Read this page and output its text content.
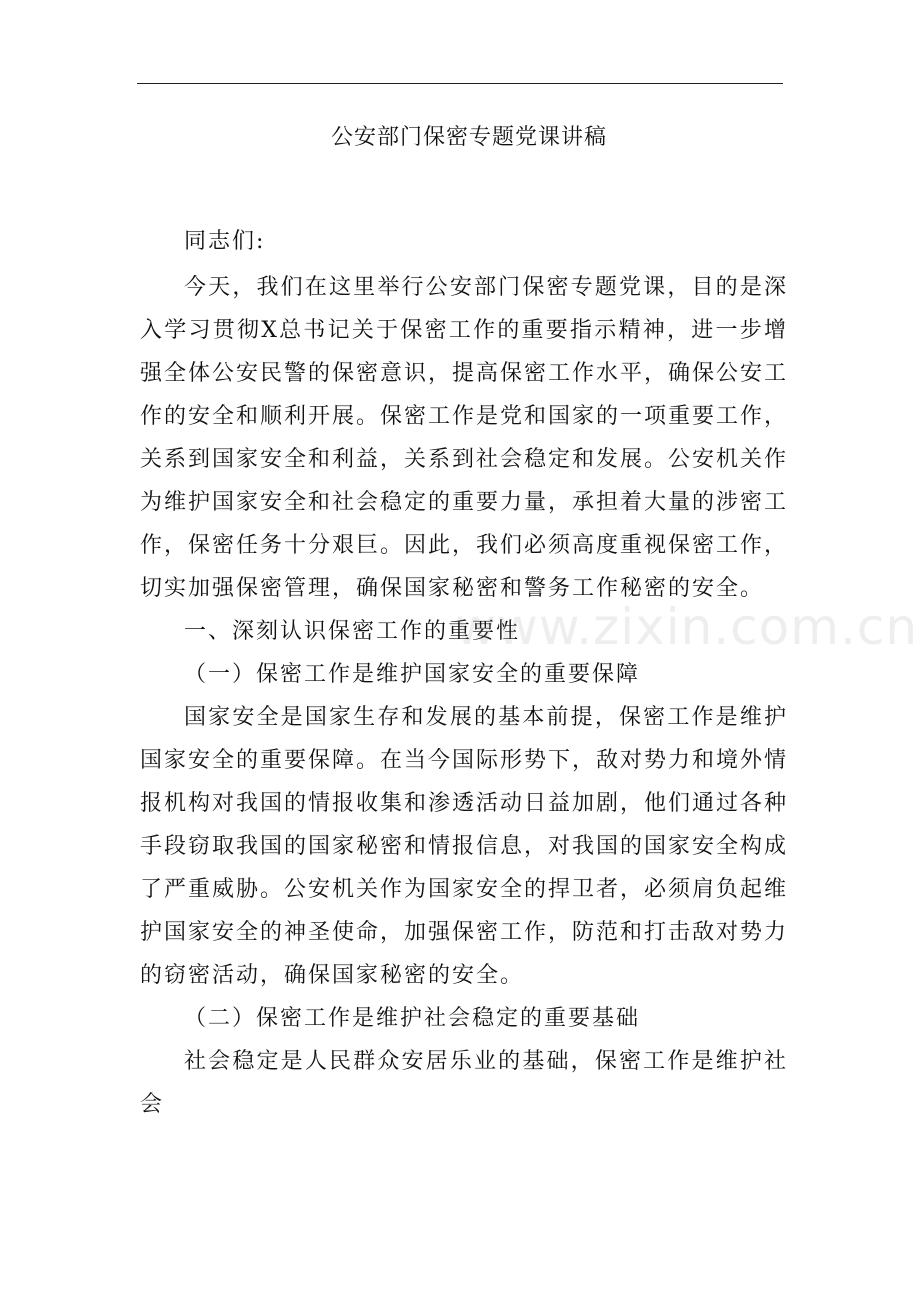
公安部门保密专题党课讲稿

同志们:

今天，我们在这里举行公安部门保密专题党课，目的是深入学习贯彻X总书记关于保密工作的重要指示精神，进一步增强全体公安民警的保密意识，提高保密工作水平，确保公安工作的安全和顺利开展。保密工作是党和国家的一项重要工作，关系到国家安全和利益，关系到社会稳定和发展。公安机关作为维护国家安全和社会稳定的重要力量，承担着大量的涉密工作，保密任务十分艰巨。因此，我们必须高度重视保密工作，切实加强保密管理，确保国家秘密和警务工作秘密的安全。

一、深刻认识保密工作的重要性

（一）保密工作是维护国家安全的重要保障

国家安全是国家生存和发展的基本前提，保密工作是维护国家安全的重要保障。在当今国际形势下，敌对势力和境外情报机构对我国的情报收集和渗透活动日益加剧，他们通过各种手段窃取我国的国家秘密和情报信息，对我国的国家安全构成了严重威胁。公安机关作为国家安全的捍卫者，必须肩负起维护国家安全的神圣使命，加强保密工作，防范和打击敌对势力的窃密活动，确保国家秘密的安全。

（二）保密工作是维护社会稳定的重要基础

社会稳定是人民群众安居乐业的基础，保密工作是维护社会

www.zixin.com.cn
